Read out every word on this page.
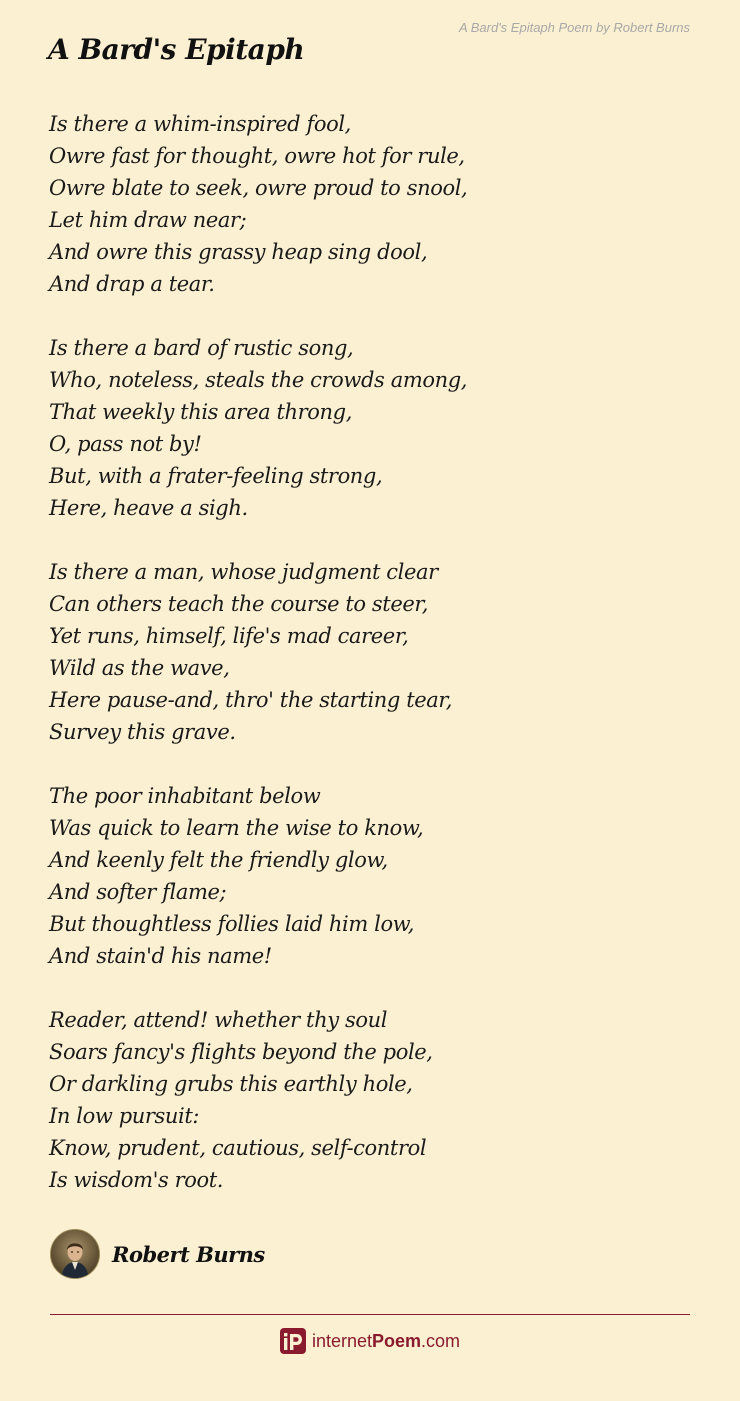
A Bard's Epitaph Poem by Robert Burns
A Bard's Epitaph
Is there a whim-inspired fool,
Owre fast for thought, owre hot for rule,
Owre blate to seek, owre proud to snool,
Let him draw near;
And owre this grassy heap sing dool,
And drap a tear.
Is there a bard of rustic song,
Who, noteless, steals the crowds among,
That weekly this area throng,
O, pass not by!
But, with a frater-feeling strong,
Here, heave a sigh.
Is there a man, whose judgment clear
Can others teach the course to steer,
Yet runs, himself, life's mad career,
Wild as the wave,
Here pause-and, thro' the starting tear,
Survey this grave.
The poor inhabitant below
Was quick to learn the wise to know,
And keenly felt the friendly glow,
And softer flame;
But thoughtless follies laid him low,
And stain'd his name!
Reader, attend! whether thy soul
Soars fancy's flights beyond the pole,
Or darkling grubs this earthly hole,
In low pursuit:
Know, prudent, cautious, self-control
Is wisdom's root.
Robert Burns
internetPoem.com
